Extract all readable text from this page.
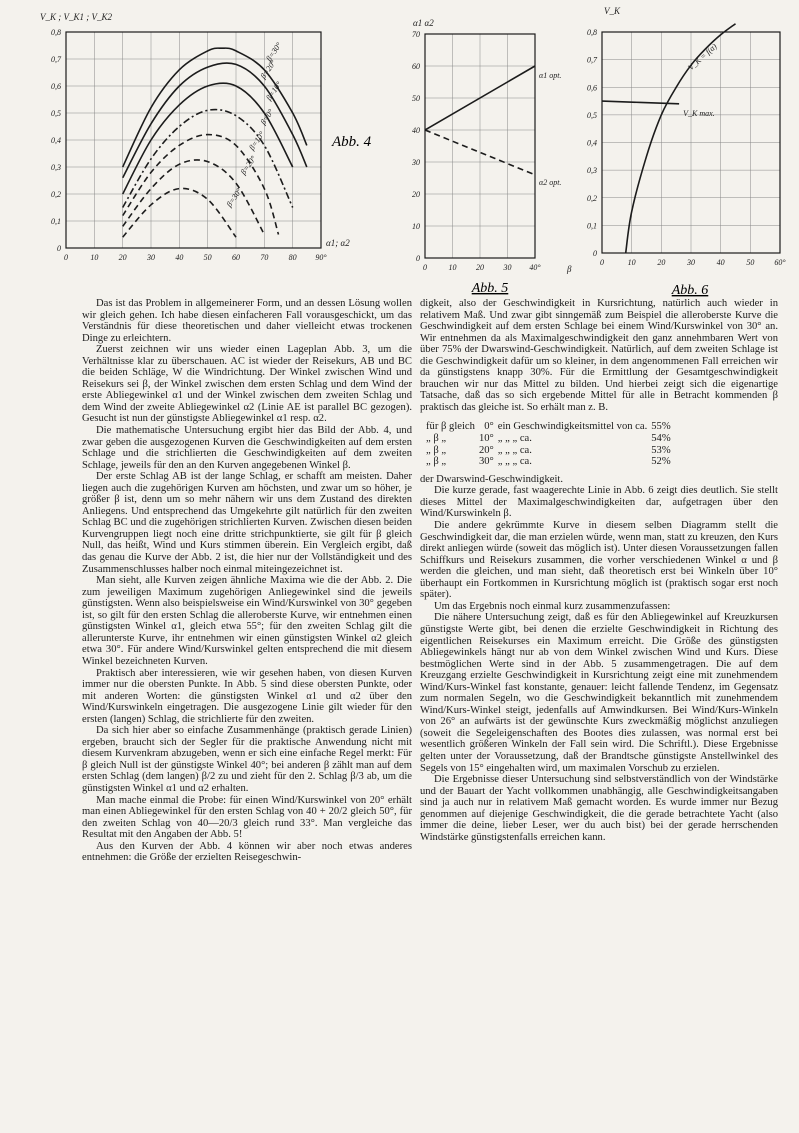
0,8
0,7
0,6
0,5
0,4
0,3
0,2
0,1
0
0	10	20	30	40	50	60	70	80 90°
β=30°
β=20°
β=10°
β=0°
β=10°
β=20°
β=30°
V_K ; V_K1 ; V_K2
α1; α2
Abb. 4
70
60
50
40
30
20
10
0
0	10 20 30 40°
α1 opt.
α2 opt.
α1 α2
β
Abb. 5
0,8
0,7
0,6
0,5
0,4
0,3
0,2
0,1
0
0	10	20	30	40	50	60°
V_K = f(α)
V_K max.
V_K
Abb. 6

Das ist das Problem in allgemeinerer Form, und an dessen Lösung wollen wir gleich gehen. Ich habe diesen einfacheren Fall vorausgeschickt, um das Verständnis für diese theoretischen und daher vielleicht etwas trockenen Dinge zu erleichtern.

Zuerst zeichnen wir uns wieder einen Lageplan Abb. 3, um die Verhältnisse klar zu überschauen. AC ist wieder der Reisekurs, AB und BC die beiden Schläge, W die Windrichtung. Der Winkel zwischen Wind und Reisekurs sei β, der Winkel zwischen dem ersten Schlag und dem Wind der erste Abliegewinkel α1 und der Winkel zwischen dem zweiten Schlag und dem Wind der zweite Abliegewinkel α2 (Linie AE ist parallel BC gezogen). Gesucht ist nun der günstigste Abliegewinkel α1 resp. α2.

Die mathematische Untersuchung ergibt hier das Bild der Abb. 4, und zwar geben die ausgezogenen Kurven die Geschwindigkeiten auf dem ersten Schlage und die strichlierten die Geschwindigkeiten auf dem zweiten Schlage, jeweils für den an den Kurven angegebenen Winkel β.

Der erste Schlag AB ist der lange Schlag, er schafft am meisten. Daher liegen auch die zugehörigen Kurven am höchsten, und zwar um so höher, je größer β ist, denn um so mehr nähern wir uns dem Zustand des direkten Anliegens. Und entsprechend das Umgekehrte gilt natürlich für den zweiten Schlag BC und die zugehörigen strichlierten Kurven. Zwischen diesen beiden Kurvengruppen liegt noch eine dritte strichpunktierte, sie gilt für β gleich Null, das heißt, Wind und Kurs stimmen überein. Ein Vergleich ergibt, daß das genau die Kurve der Abb. 2 ist, die hier nur der Vollständigkeit und des Zusammenschlusses halber noch einmal miteingezeichnet ist.

Man sieht, alle Kurven zeigen ähnliche Maxima wie die der Abb. 2. Die zum jeweiligen Maximum zugehörigen Anliegewinkel sind die jeweils günstigsten. Wenn also beispielsweise ein Wind/Kurswinkel von 30° gegeben ist, so gilt für den ersten Schlag die alleroberste Kurve, wir entnehmen einen günstigsten Winkel α1, gleich etwa 55°; für den zweiten Schlag gilt die allerunterste Kurve, ihr entnehmen wir einen günstigsten Winkel α2 gleich etwa 30°. Für andere Wind/Kurswinkel gelten entsprechend die mit diesem Winkel bezeichneten Kurven.

Praktisch aber interessieren, wie wir gesehen haben, von diesen Kurven immer nur die obersten Punkte. In Abb. 5 sind diese obersten Punkte, oder mit anderen Worten: die günstigsten Winkel α1 und α2 über den Wind/Kurswinkeln eingetragen. Die ausgezogene Linie gilt wieder für den ersten (langen) Schlag, die strichlierte für den zweiten.

Da sich hier aber so einfache Zusammenhänge (praktisch gerade Linien) ergeben, braucht sich der Segler für die praktische Anwendung nicht mit diesem Kurvenkram abzugeben, wenn er sich eine einfache Regel merkt: Für β gleich Null ist der günstigste Winkel 40°; bei anderen β zählt man auf dem ersten Schlag (dem langen) β/2 zu und zieht für den 2. Schlag β/3 ab, um die günstigsten Winkel α1 und α2 erhalten.

Man mache einmal die Probe: für einen Wind/Kurswinkel von 20° erhält man einen Abliegewinkel für den ersten Schlag von 40 + 20/2 gleich 50°, für den zweiten Schlag von 40—20/3 gleich rund 33°. Man vergleiche das Resultat mit den Angaben der Abb. 5!

Aus den Kurven der Abb. 4 können wir aber noch etwas anderes entnehmen: die Größe der erzielten Reisegeschwin-

digkeit, also der Geschwindigkeit in Kursrichtung, natürlich auch wieder in relativem Maß. Und zwar gibt sinngemäß zum Beispiel die alleroberste Kurve die Geschwindigkeit auf dem ersten Schlage bei einem Wind/Kurswinkel von 30° an. Wir entnehmen da als Maximalgeschwindigkeit den ganz annehmbaren Wert von über 75% der Dwarswind-Geschwindigkeit. Natürlich, auf dem zweiten Schlage ist die Geschwindigkeit dafür um so kleiner, in dem angenommenen Fall erreichen wir da günstigstens knapp 30%. Für die Ermittlung der Gesamtgeschwindigkeit brauchen wir nur das Mittel zu bilden. Und hierbei zeigt sich die eigenartige Tatsache, daß das so sich ergebende Mittel für alle in Betracht kommenden β praktisch das gleiche ist. So erhält man z. B.

für β gleich	0°	ein Geschwindigkeitsmittel von ca.	55%
„ β „	10°	„ „ „ ca.	54%
„ β „	20°	„ „ „ ca.	53%
„ β „	30°	„ „ „ ca.	52%

der Dwarswind-Geschwindigkeit.

Die kurze gerade, fast waagerechte Linie in Abb. 6 zeigt dies deutlich. Sie stellt dieses Mittel der Maximalgeschwindigkeiten dar, aufgetragen über den Wind/Kurswinkeln β.

Die andere gekrümmte Kurve in diesem selben Diagramm stellt die Geschwindigkeit dar, die man erzielen würde, wenn man, statt zu kreuzen, den Kurs direkt anliegen würde (soweit das möglich ist). Unter diesen Voraussetzungen fallen Schiffkurs und Reisekurs zusammen, die vorher verschiedenen Winkel α und β werden die gleichen, und man sieht, daß theoretisch erst bei Winkeln über 10° überhaupt ein Fortkommen in Kursrichtung möglich ist (praktisch sogar erst noch später).

Um das Ergebnis noch einmal kurz zusammenzufassen:

Die nähere Untersuchung zeigt, daß es für den Abliegewinkel auf Kreuzkursen günstigste Werte gibt, bei denen die erzielte Geschwindigkeit in Richtung des eigentlichen Reisekurses ein Maximum erreicht. Die Größe des günstigsten Abliegewinkels hängt nur ab von dem Winkel zwischen Wind und Kurs. Diese bestmöglichen Werte sind in der Abb. 5 zusammengetragen. Die auf dem Kreuzgang erzielte Geschwindigkeit in Kursrichtung zeigt eine mit zunehmendem Wind/Kurs-Winkel fast konstante, genauer: leicht fallende Tendenz, im Gegensatz zum normalen Segeln, wo die Geschwindigkeit bekanntlich mit zunehmendem Wind/Kurs-Winkel steigt, jedenfalls auf Amwindkursen. Bei Wind/Kurs-Winkeln von 26° an aufwärts ist der gewünschte Kurs zweckmäßig möglichst anzuliegen (soweit die Segeleigenschaften des Bootes dies zulassen, was normal erst bei wesentlich größeren Winkeln der Fall sein wird. Die Schriftl.). Diese Ergebnisse gelten unter der Voraussetzung, daß der Brandtsche günstigste Anstellwinkel des Segels von 15° eingehalten wird, um maximalen Vorschub zu erzielen.

Die Ergebnisse dieser Untersuchung sind selbstverständlich von der Windstärke und der Bauart der Yacht vollkommen unabhängig, alle Geschwindigkeitsangaben sind ja auch nur in relativem Maß gemacht worden. Es wurde immer nur Bezug genommen auf diejenige Geschwindigkeit, die die gerade betrachtete Yacht (also immer die deine, lieber Leser, wer du auch bist) bei der gerade herrschenden Windstärke günstigstenfalls erreichen kann.
